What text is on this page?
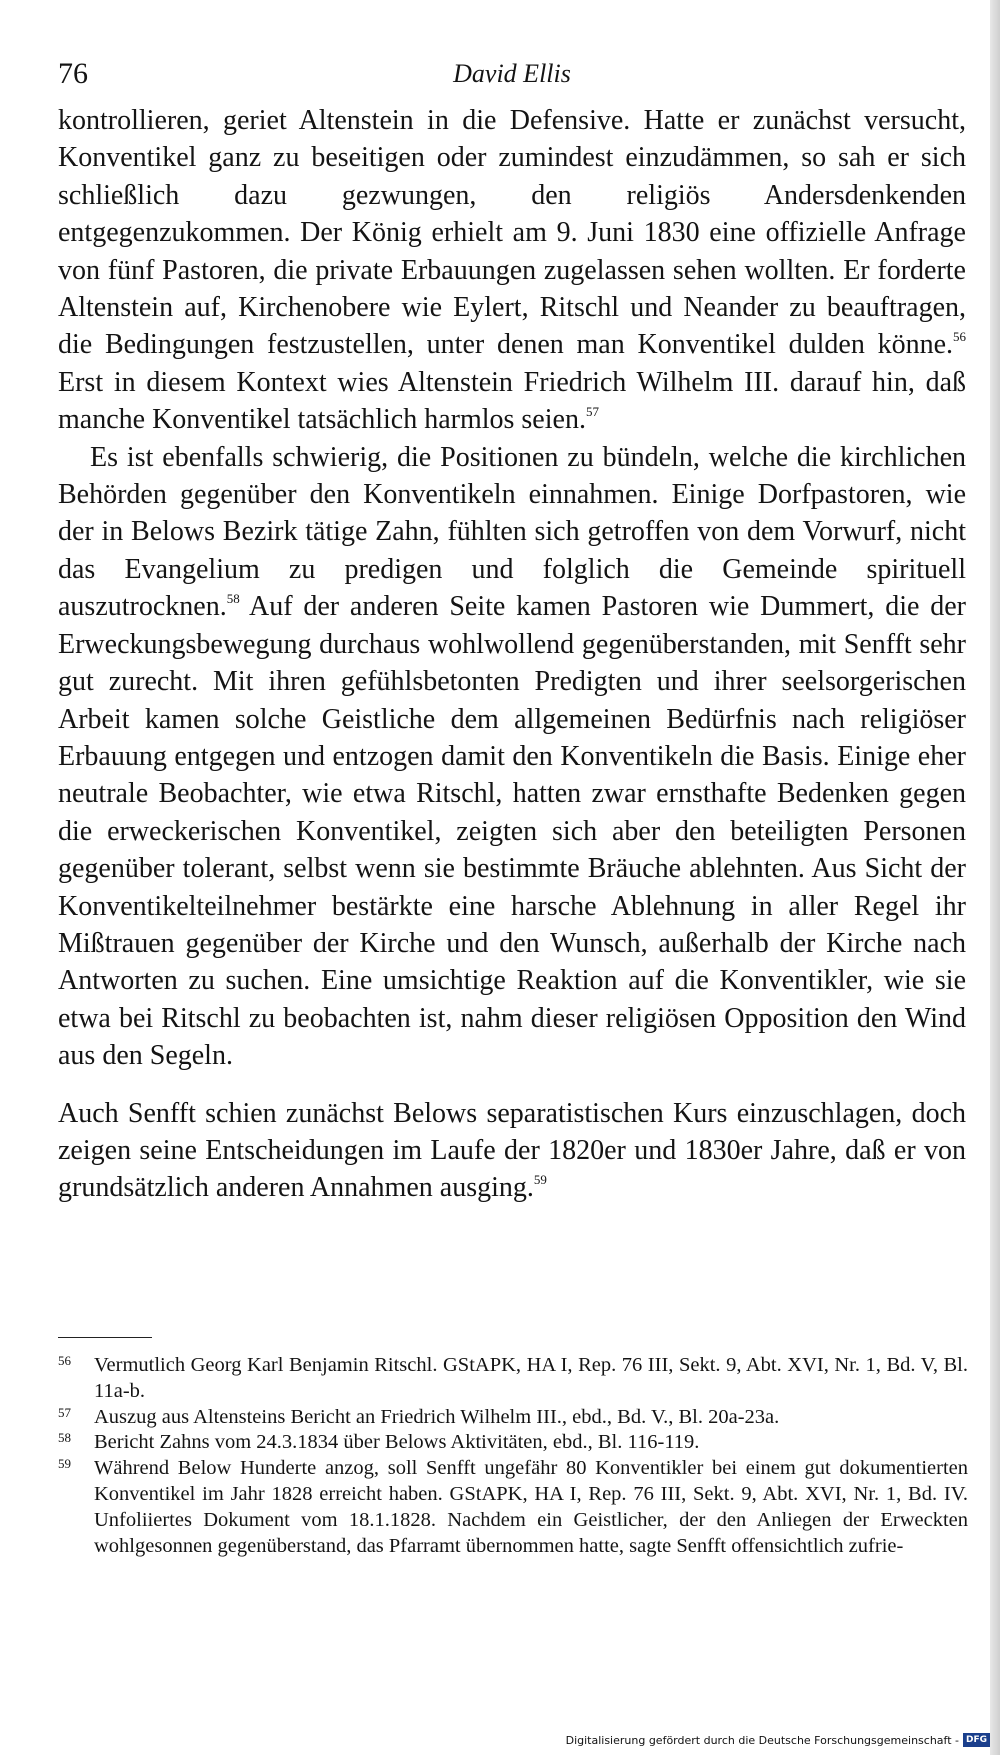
76	David Ellis

kontrollieren, geriet Altenstein in die Defensive. Hatte er zunächst versucht, Konventikel ganz zu beseitigen oder zumindest einzudämmen, so sah er sich schließlich dazu gezwungen, den religiös Andersdenkenden entgegenzukommen. Der König erhielt am 9. Juni 1830 eine offizielle Anfrage von fünf Pastoren, die private Erbauungen zugelassen sehen wollten. Er forderte Altenstein auf, Kirchenobere wie Eylert, Ritschl und Neander zu beauftragen, die Bedingungen festzustellen, unter denen man Konventikel dulden könne.$^{56}$ Erst in diesem Kontext wies Altenstein Friedrich Wilhelm III. darauf hin, daß manche Konventikel tatsächlich harmlos seien.$^{57}$

Es ist ebenfalls schwierig, die Positionen zu bündeln, welche die kirchlichen Behörden gegenüber den Konventikeln einnahmen. Einige Dorfpastoren, wie der in Belows Bezirk tätige Zahn, fühlten sich getroffen von dem Vorwurf, nicht das Evangelium zu predigen und folglich die Gemeinde spirituell auszutrocknen.$^{58}$ Auf der anderen Seite kamen Pastoren wie Dummert, die der Erweckungsbewegung durchaus wohlwollend gegenüberstanden, mit Senfft sehr gut zurecht. Mit ihren gefühlsbetonten Predigten und ihrer seelsorgerischen Arbeit kamen solche Geistliche dem allgemeinen Bedürfnis nach religiöser Erbauung entgegen und entzogen damit den Konventikeln die Basis. Einige eher neutrale Beobachter, wie etwa Ritschl, hatten zwar ernsthafte Bedenken gegen die erweckerischen Konventikel, zeigten sich aber den beteiligten Personen gegenüber tolerant, selbst wenn sie bestimmte Bräuche ablehnten. Aus Sicht der Konventikelteilnehmer bestärkte eine harsche Ablehnung in aller Regel ihr Mißtrauen gegenüber der Kirche und den Wunsch, außerhalb der Kirche nach Antworten zu suchen. Eine umsichtige Reaktion auf die Konventikler, wie sie etwa bei Ritschl zu beobachten ist, nahm dieser religiösen Opposition den Wind aus den Segeln.

Auch Senfft schien zunächst Belows separatistischen Kurs einzuschlagen, doch zeigen seine Entscheidungen im Laufe der 1820er und 1830er Jahre, daß er von grundsätzlich anderen Annahmen ausging.$^{59}$

56 Vermutlich Georg Karl Benjamin Ritschl. GStAPK, HA I, Rep. 76 III, Sekt. 9, Abt. XVI, Nr. 1, Bd. V, Bl. 11a-b.
57 Auszug aus Altensteins Bericht an Friedrich Wilhelm III., ebd., Bd. V., Bl. 20a-23a.
58 Bericht Zahns vom 24.3.1834 über Belows Aktivitäten, ebd., Bl. 116-119.
59 Während Below Hunderte anzog, soll Senfft ungefähr 80 Konventikler bei einem gut dokumentierten Konventikel im Jahr 1828 erreicht haben. GStAPK, HA I, Rep. 76 III, Sekt. 9, Abt. XVI, Nr. 1, Bd. IV. Unfoliiertes Dokument vom 18.1.1828. Nachdem ein Geistlicher, der den Anliegen der Erweckten wohlgesonnen gegenüberstand, das Pfarramt übernommen hatte, sagte Senfft offensichtlich zufrie-
Digitalisierung gefördert durch die Deutsche Forschungsgemeinschaft - DFG
